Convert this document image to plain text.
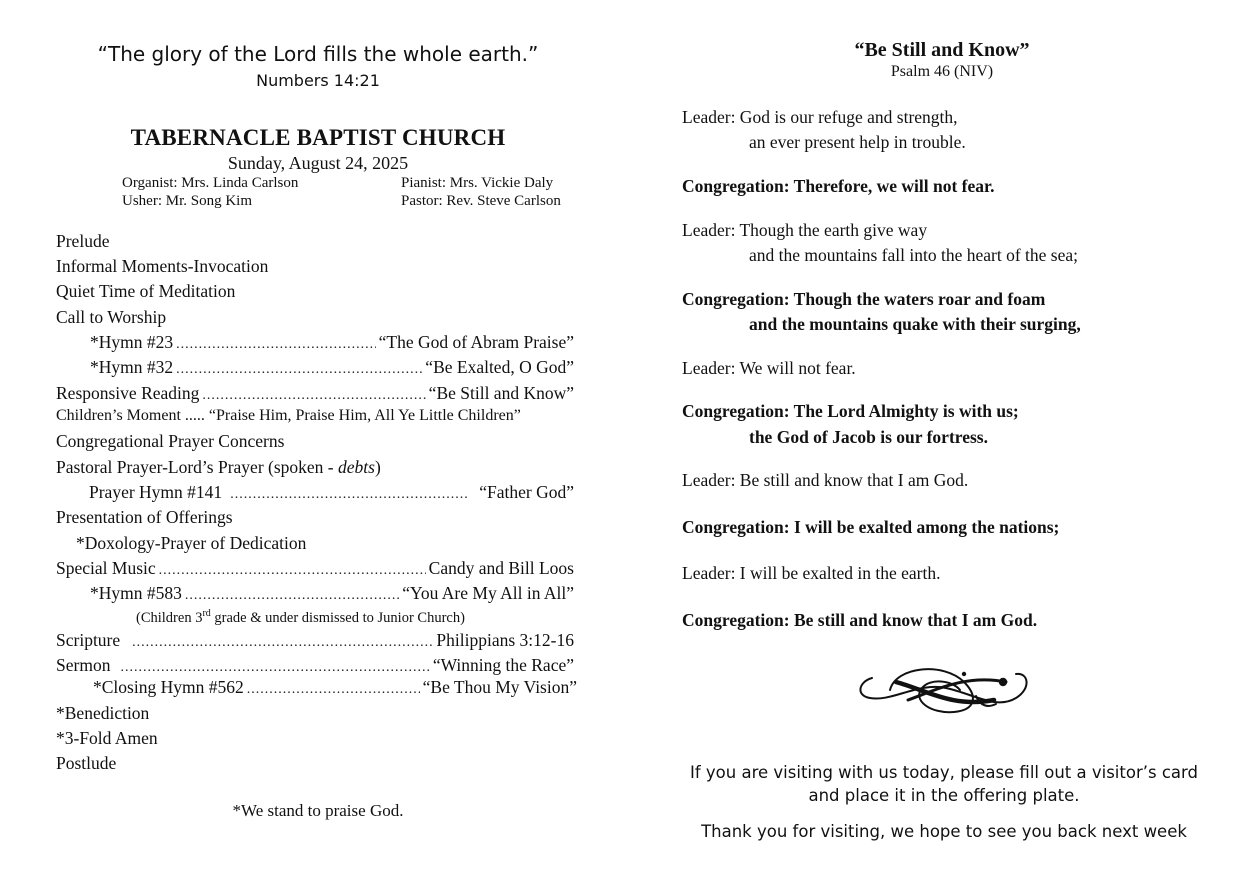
“The glory of the Lord fills the whole earth.”
Numbers 14:21
TABERNACLE BAPTIST CHURCH
Sunday, August 24, 2025
Organist: Mrs. Linda Carlson	Pianist: Mrs. Vickie Daly
Usher: Mr. Song Kim	Pastor: Rev. Steve Carlson
Prelude
Informal Moments-Invocation
Quiet Time of Meditation
Call to Worship
*Hymn #23 .....	“The God of Abram Praise”
*Hymn #32 .....	“Be Exalted, O God”
Responsive Reading .....	“Be Still and Know”
Children’s Moment ..... “Praise Him, Praise Him, All Ye Little Children”
Congregational Prayer Concerns
Pastoral Prayer-Lord’s Prayer (spoken - debts)
Prayer Hymn #141 .....	“Father God”
Presentation of Offerings
*Doxology-Prayer of Dedication
Special Music .....	Candy and Bill Loos
*Hymn #583 .....	“You Are My All in All”
(Children 3rd grade & under dismissed to Junior Church)
Scripture .....	Philippians 3:12-16
Sermon .....	“Winning the Race”
*Closing Hymn #562 .....	“Be Thou My Vision”
*Benediction
*3-Fold Amen
Postlude
*We stand to praise God.
“Be Still and Know”
Psalm 46 (NIV)
Leader: God is our refuge and strength,
an ever present help in trouble.
Congregation: Therefore, we will not fear.
Leader: Though the earth give way
and the mountains fall into the heart of the sea;
Congregation: Though the waters roar and foam
and the mountains quake with their surging,
Leader: We will not fear.
Congregation: The Lord Almighty is with us;
the God of Jacob is our fortress.
Leader: Be still and know that I am God.
Congregation: I will be exalted among the nations;
Leader: I will be exalted in the earth.
Congregation: Be still and know that I am God.
If you are visiting with us today, please fill out a visitor’s card
and place it in the offering plate.
Thank you for visiting, we hope to see you back next week
